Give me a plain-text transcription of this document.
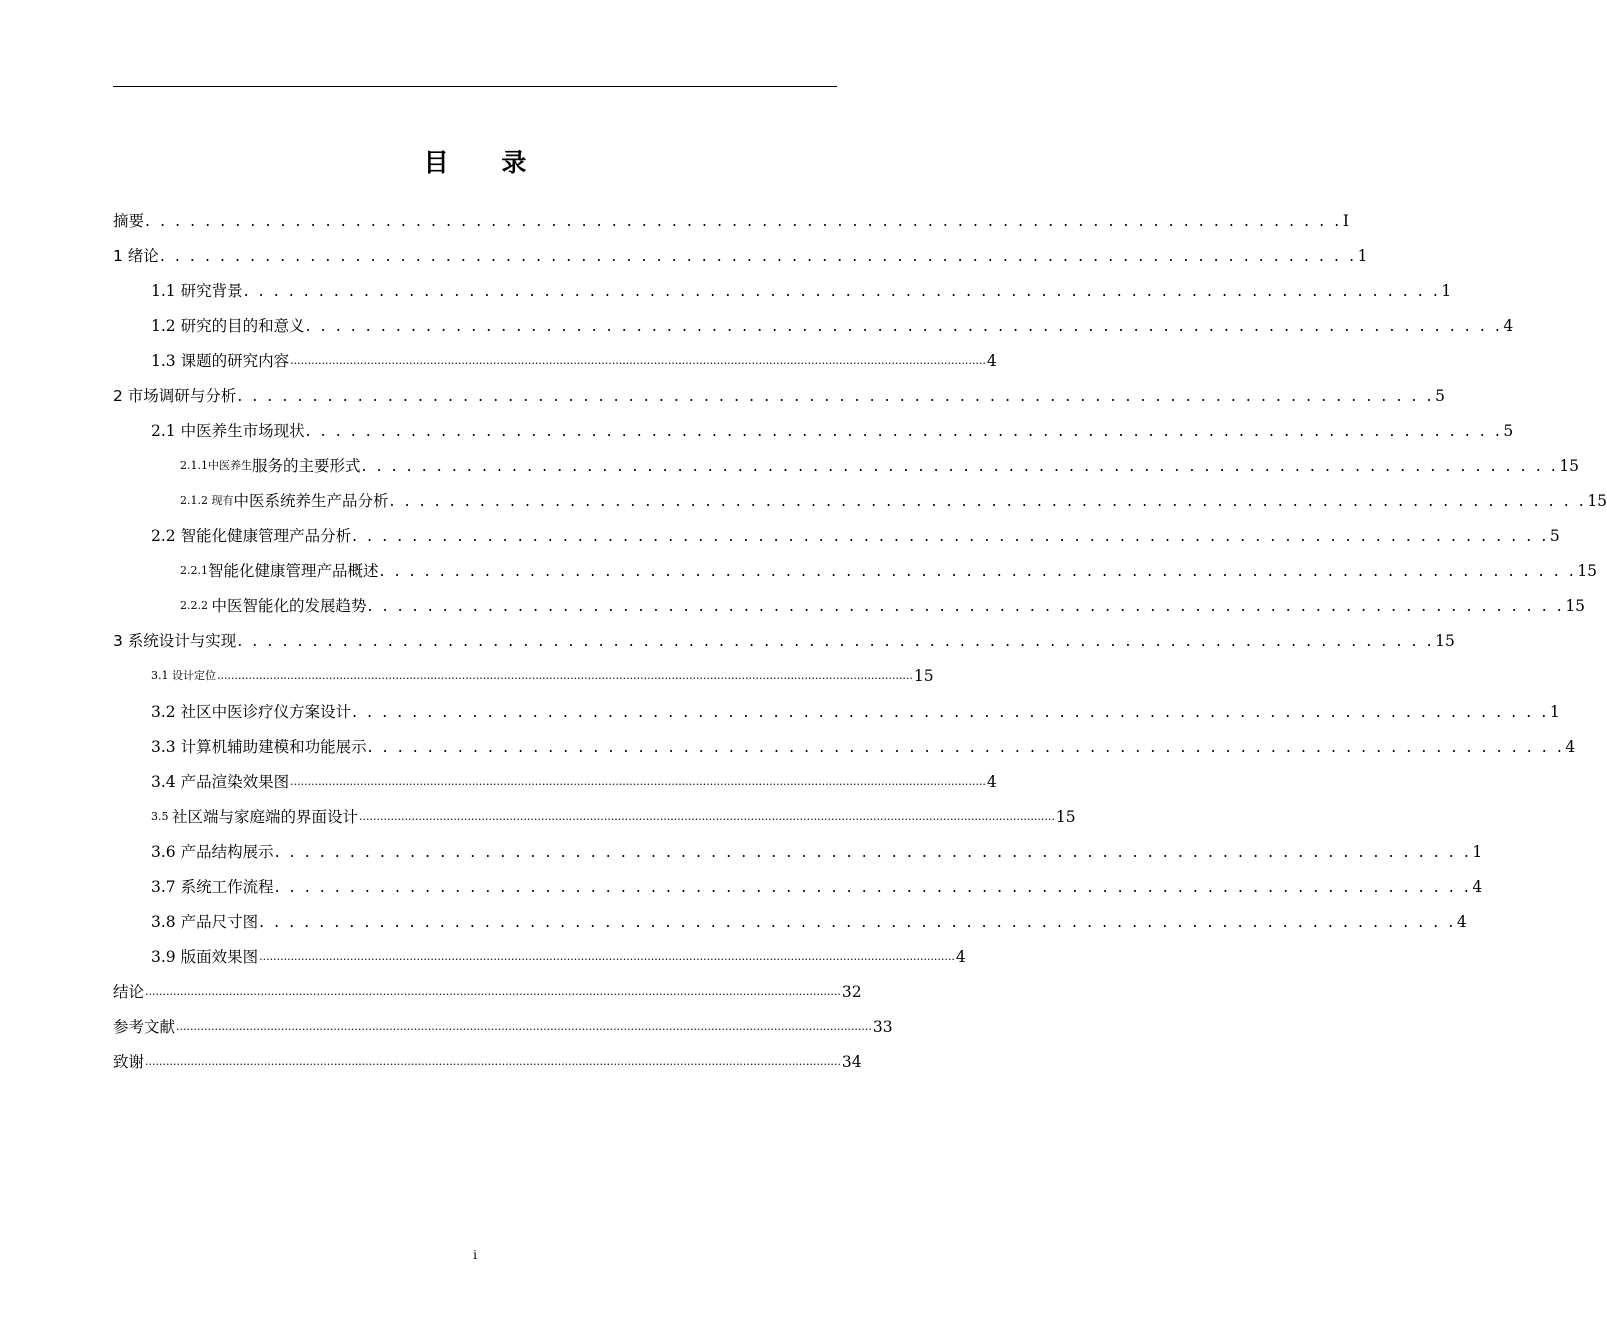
目 录
摘要 . . . . . . . . . . . . . . . . . . . . . . . . . . . . . . . . . . . . . . . . . . . . . . . . . . . . . . . . . . . . . . . . . . . . . . . . . . . . . . . . Ⅰ
1 绪论 . . . . . . . . . . . . . . . . . . . . . . . . . . . . . . . . . . . . . . . . . . . . . . . . . . . . . . . . . . . . . . . . . . . . . . . . . . . . . . . . 1
1.1 研究背景 . . . . . . . . . . . . . . . . . . . . . . . . . . . . . . . . . . . . . . . . . . . . . . . . . . . . . . . . . . . . . . . . . . . . . . . . . . . . . . . . 1
1.2 研究的目的和意义 . . . . . . . . . . . . . . . . . . . . . . . . . . . . . . . . . . . . . . . . . . . . . . . . . . . . . . . . . . . . . . . . . . . . . . . . . . . . . . . . 4
1.3 课题的研究内容 ....................................................................................................................................................................................................... 4
2 市场调研与分析 . . . . . . . . . . . . . . . . . . . . . . . . . . . . . . . . . . . . . . . . . . . . . . . . . . . . . . . . . . . . . . . . . . . . . . . . . . . . . . . . 5
2.1 中医养生市场现状 . . . . . . . . . . . . . . . . . . . . . . . . . . . . . . . . . . . . . . . . . . . . . . . . . . . . . . . . . . . . . . . . . . . . . . . . . . . . . . . . 5
2.1.1 中医养生 服务的主要形式 . . . . . . . . . . . . . . . . . . . . . . . . . . . . . . . . . . . . . . . . . . . . . . . . . . . . . . . . . . . . . . . . . . . . . . . . . . . . . . . . 15
2.1.2 现有 中医系统养生产品分析 . . . . . . . . . . . . . . . . . . . . . . . . . . . . . . . . . . . . . . . . . . . . . . . . . . . . . . . . . . . . . . . . . . . . . . . . . . . . . . . . 15
2.2 智能化健康管理产品分析 . . . . . . . . . . . . . . . . . . . . . . . . . . . . . . . . . . . . . . . . . . . . . . . . . . . . . . . . . . . . . . . . . . . . . . . . . . . . . . . . 5
2.2.1 智能化健康管理产品概述 . . . . . . . . . . . . . . . . . . . . . . . . . . . . . . . . . . . . . . . . . . . . . . . . . . . . . . . . . . . . . . . . . . . . . . . . . . . . . . . . 15
2.2.2 中医智能化的发展趋势 . . . . . . . . . . . . . . . . . . . . . . . . . . . . . . . . . . . . . . . . . . . . . . . . . . . . . . . . . . . . . . . . . . . . . . . . . . . . . . . . 15
3 系统设计与实现 . . . . . . . . . . . . . . . . . . . . . . . . . . . . . . . . . . . . . . . . . . . . . . . . . . . . . . . . . . . . . . . . . . . . . . . . . . . . . . . . 15
3.1 设计定位 ....................................................................................................................................................................................................... 15
3.2 社区中医诊疗仪方案设计 . . . . . . . . . . . . . . . . . . . . . . . . . . . . . . . . . . . . . . . . . . . . . . . . . . . . . . . . . . . . . . . . . . . . . . . . . . . . . . . . 1
3.3 计算机辅助建模和功能展示 . . . . . . . . . . . . . . . . . . . . . . . . . . . . . . . . . . . . . . . . . . . . . . . . . . . . . . . . . . . . . . . . . . . . . . . . . . . . . . . . 4
3.4 产品渲染效果图 ....................................................................................................................................................................................................... 4
3.5 社区端与家庭端的界面设计 ....................................................................................................................................................................................................... 15
3.6 产品结构展示 . . . . . . . . . . . . . . . . . . . . . . . . . . . . . . . . . . . . . . . . . . . . . . . . . . . . . . . . . . . . . . . . . . . . . . . . . . . . . . . . 1
3.7 系统工作流程 . . . . . . . . . . . . . . . . . . . . . . . . . . . . . . . . . . . . . . . . . . . . . . . . . . . . . . . . . . . . . . . . . . . . . . . . . . . . . . . . 4
3.8 产品尺寸图 . . . . . . . . . . . . . . . . . . . . . . . . . . . . . . . . . . . . . . . . . . . . . . . . . . . . . . . . . . . . . . . . . . . . . . . . . . . . . . . . 4
3.9 版面效果图 ....................................................................................................................................................................................................... 4
结论 ....................................................................................................................................................................................................... 32
参考文献 ....................................................................................................................................................................................................... 33
致谢 ....................................................................................................................................................................................................... 34
i
